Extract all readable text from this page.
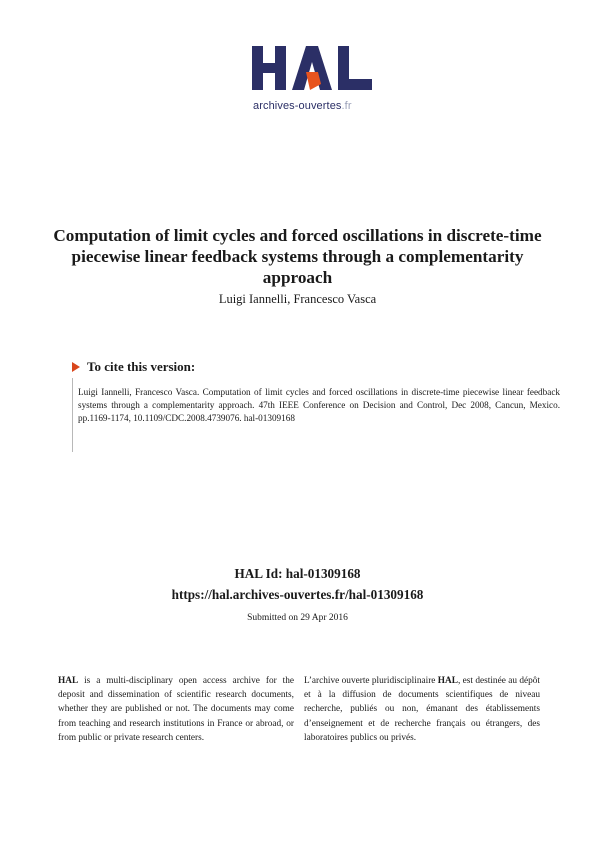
archives-ouvertes.fr
Computation of limit cycles and forced oscillations in discrete-time piecewise linear feedback systems through a complementarity approach
Luigi Iannelli, Francesco Vasca
To cite this version:
Luigi Iannelli, Francesco Vasca. Computation of limit cycles and forced oscillations in discrete-time piecewise linear feedback systems through a complementarity approach. 47th IEEE Conference on Decision and Control, Dec 2008, Cancun, Mexico. pp.1169-1174, 10.1109/CDC.2008.4739076. hal-01309168
HAL Id: hal-01309168
https://hal.archives-ouvertes.fr/hal-01309168
Submitted on 29 Apr 2016
HAL is a multi-disciplinary open access archive for the deposit and dissemination of scientific research documents, whether they are published or not. The documents may come from teaching and research institutions in France or abroad, or from public or private research centers.
L’archive ouverte pluridisciplinaire HAL, est destinée au dépôt et à la diffusion de documents scientifiques de niveau recherche, publiés ou non, émanant des établissements d’enseignement et de recherche français ou étrangers, des laboratoires publics ou privés.
